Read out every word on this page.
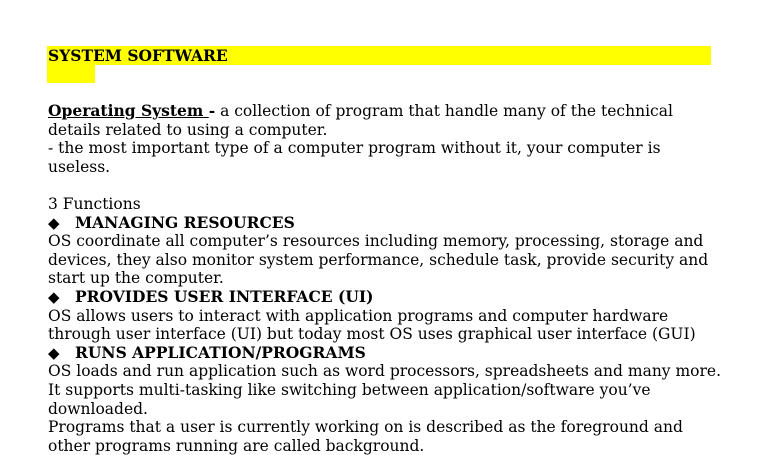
SYSTEM SOFTWARE
Operating System - a collection of program that handle many of the technical
details related to using a computer.
- the most important type of a computer program without it, your computer is
useless.
3 Functions
◆ MANAGING RESOURCES
OS coordinate all computer’s resources including memory, processing, storage and
devices, they also monitor system performance, schedule task, provide security and
start up the computer.
◆ PROVIDES USER INTERFACE (UI)
OS allows users to interact with application programs and computer hardware
through user interface (UI) but today most OS uses graphical user interface (GUI)
◆ RUNS APPLICATION/PROGRAMS
OS loads and run application such as word processors, spreadsheets and many more.
It supports multi-tasking like switching between application/software you’ve
downloaded.
Programs that a user is currently working on is described as the foreground and
other programs running are called background.
